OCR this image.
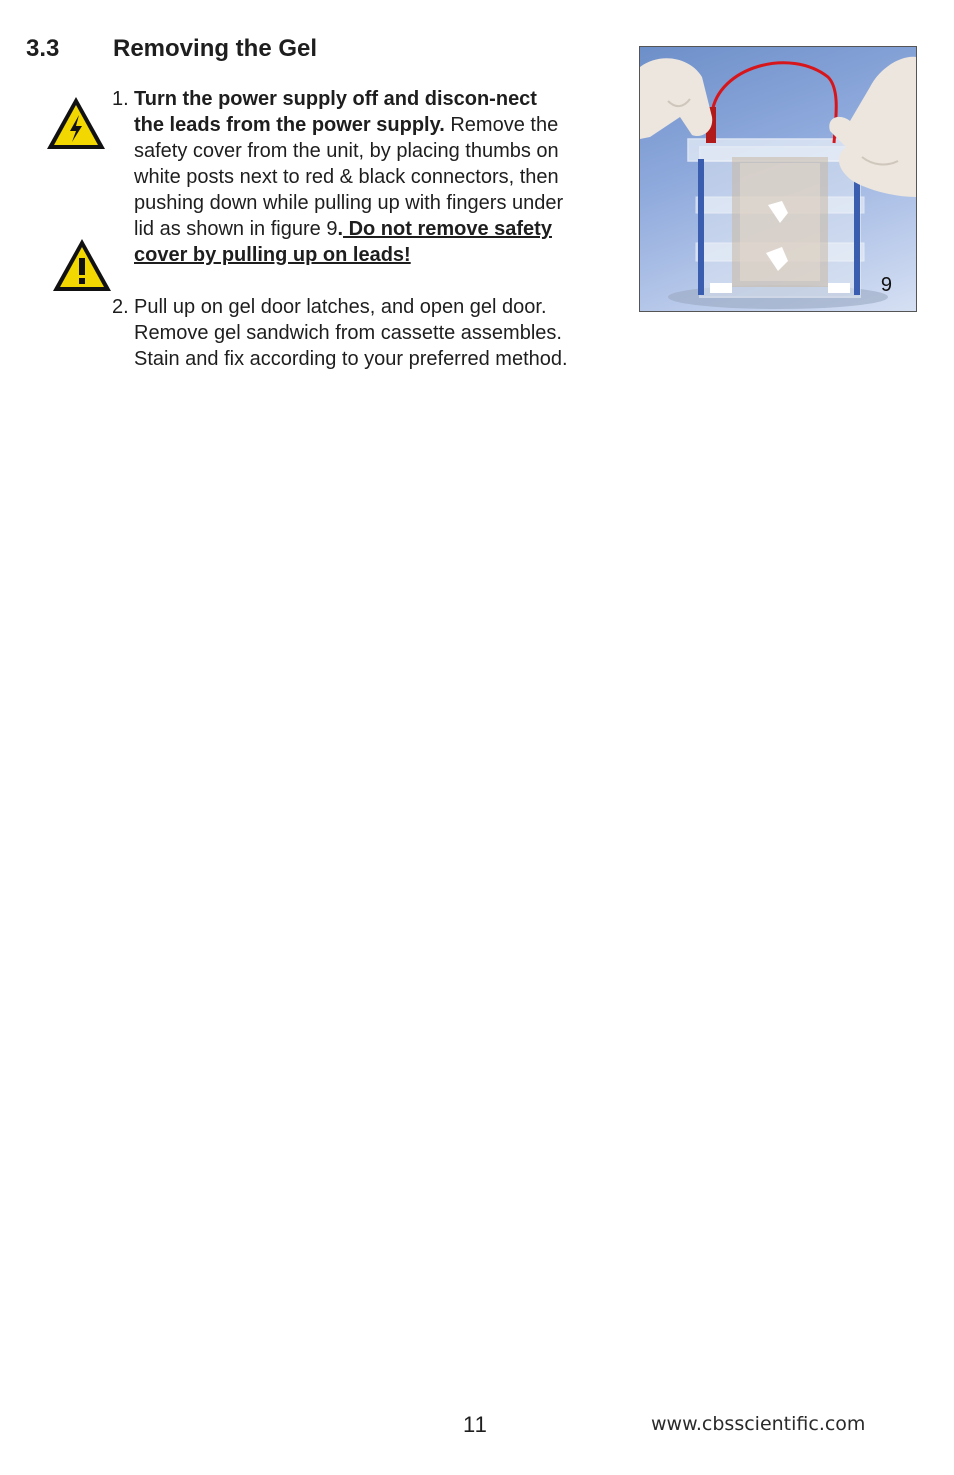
3.3 Removing the Gel
1. Turn the power supply off and discon-nect the leads from the power supply. Remove the safety cover from the unit, by placing thumbs on white posts next to red & black connectors, then pushing down while pulling up with fingers under lid as shown in figure 9. Do not remove safety cover by pulling up on leads!
2. Pull up on gel door latches, and open gel door. Remove gel sandwich from cassette assembles. Stain and fix according to your preferred method.
9
11	www.cbsscientific.com
